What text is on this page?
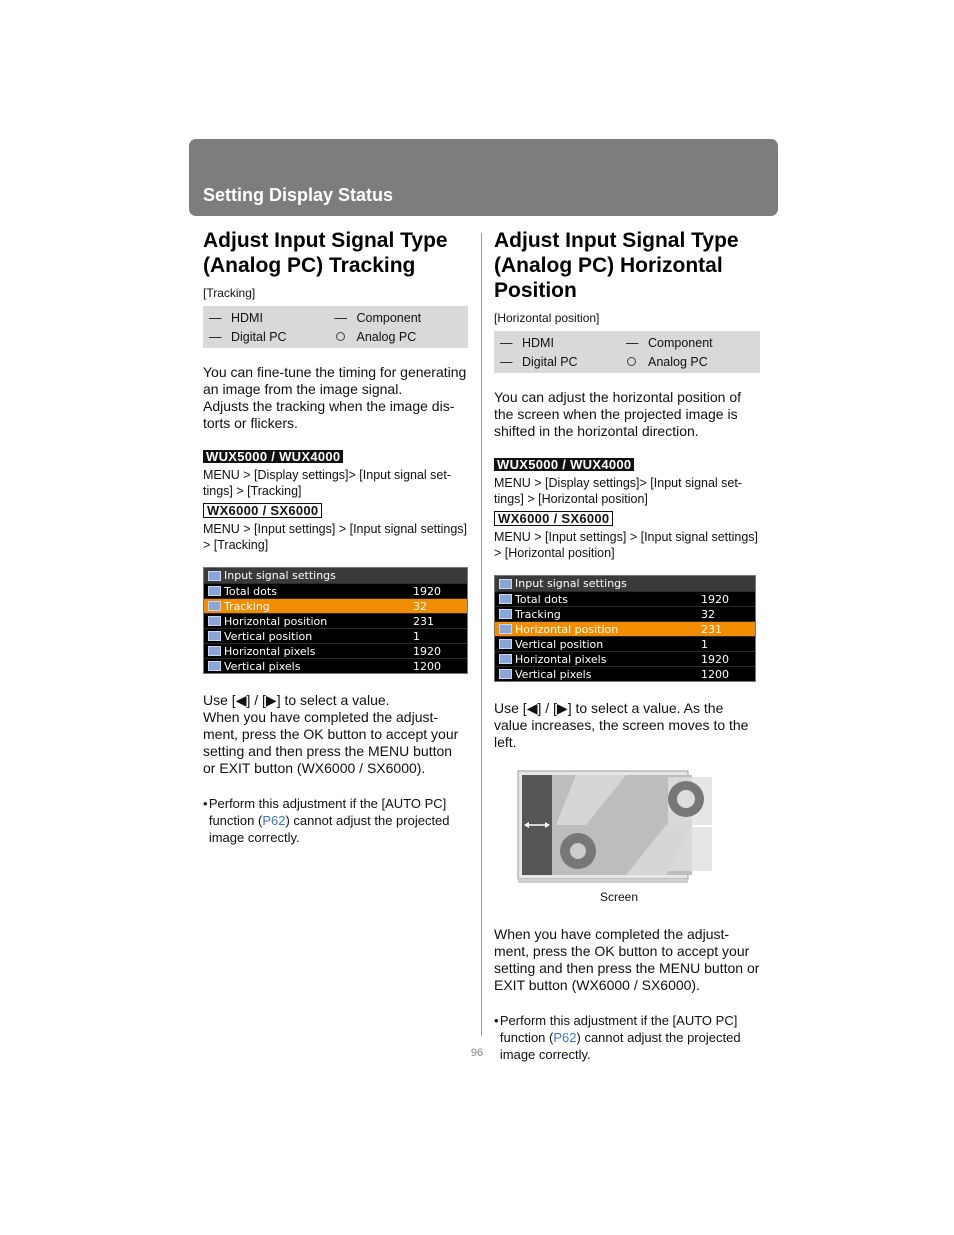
Setting Display Status
Adjust Input Signal Type
(Analog PC) Tracking
[Tracking]
— HDMI	— Component
— Digital PC	Analog PC

You can fine-tune the timing for generating an image from the image signal.
Adjusts the tracking when the image dis-torts or flickers.

WUX5000 / WUX4000
MENU > [Display settings]> [Input signal set-tings] > [Tracking]
WX6000 / SX6000
MENU > [Input settings] > [Input signal settings] > [Tracking]
Input signal settings
Total dots	1920
Tracking	32
Horizontal position	231
Vertical position	1
Horizontal pixels	1920
Vertical pixels	1200

Use [◀] / [▶] to select a value.
When you have completed the adjust-ment, press the OK button to accept your setting and then press the MENU button or EXIT button (WX6000 / SX6000).

• Perform this adjustment if the [AUTO PC] function (P62) cannot adjust the projected image correctly.
Adjust Input Signal Type
(Analog PC) Horizontal
Position
[Horizontal position]
— HDMI	— Component
— Digital PC	Analog PC

You can adjust the horizontal position of the screen when the projected image is shifted in the horizontal direction.

WUX5000 / WUX4000
MENU > [Display settings]> [Input signal set-tings] > [Horizontal position]
WX6000 / SX6000
MENU > [Input settings] > [Input signal settings] > [Horizontal position]
Input signal settings
Total dots	1920
Tracking	32
Horizontal position	231
Vertical position	1
Horizontal pixels	1920
Vertical pixels	1200

Use [◀] / [▶] to select a value. As the value increases, the screen moves to the left.

Screen

When you have completed the adjust-ment, press the OK button to accept your setting and then press the MENU button or EXIT button (WX6000 / SX6000).

• Perform this adjustment if the [AUTO PC] function (P62) cannot adjust the projected image correctly.
96
